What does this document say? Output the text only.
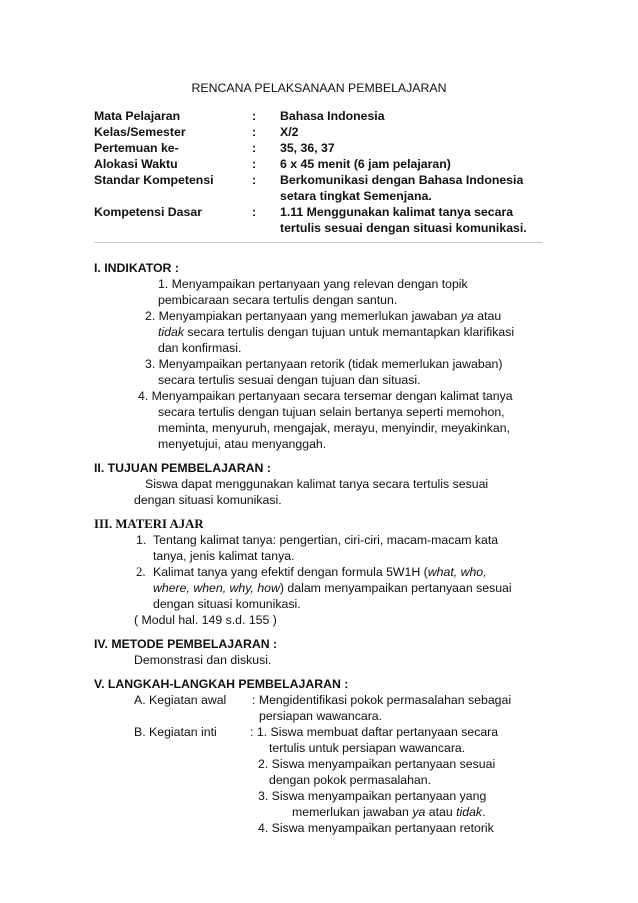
RENCANA PELAKSANAAN PEMBELAJARAN
Mata Pelajaran	: Bahasa Indonesia
Kelas/Semester	: X/2
Pertemuan ke-	: 35, 36, 37
Alokasi Waktu	: 6 x 45 menit (6 jam pelajaran)
Standar Kompetensi	: Berkomunikasi dengan Bahasa Indonesia
setara tingkat Semenjana.
Kompetensi Dasar	: 1.11 Menggunakan kalimat tanya secara
tertulis sesuai dengan situasi komunikasi.
I. INDIKATOR :
1. Menyampaikan pertanyaan yang relevan dengan topik
pembicaraan secara tertulis dengan santun.
2. Menyampiakan pertanyaan yang memerlukan jawaban ya atau
tidak secara tertulis dengan tujuan untuk memantapkan klarifikasi
dan konfirmasi.
3. Menyampaikan pertanyaan retorik (tidak memerlukan jawaban)
secara tertulis sesuai dengan tujuan dan situasi.
4. Menyampaikan pertanyaan secara tersemar dengan kalimat tanya
secara tertulis dengan tujuan selain bertanya seperti memohon,
meminta, menyuruh, mengajak, merayu, menyindir, meyakinkan,
menyetujui, atau menyanggah.
II. TUJUAN PEMBELAJARAN :
Siswa dapat menggunakan kalimat tanya secara tertulis sesuai
dengan situasi komunikasi.
III. MATERI AJAR
1. Tentang kalimat tanya: pengertian, ciri-ciri, macam-macam kata
tanya, jenis kalimat tanya.
2. Kalimat tanya yang efektif dengan formula 5W1H (what, who,
where, when, why, how) dalam menyampaikan pertanyaan sesuai
dengan situasi komunikasi.
( Modul hal. 149 s.d. 155 )
IV. METODE PEMBELAJARAN :
Demonstrasi dan diskusi.
V. LANGKAH-LANGKAH PEMBELAJARAN :
A. Kegiatan awal : Mengidentifikasi pokok permasalahan sebagai
persiapan wawancara.
B. Kegiatan inti	: 1. Siswa membuat daftar pertanyaan secara
tertulis untuk persiapan wawancara.
2. Siswa menyampaikan pertanyaan sesuai
dengan pokok permasalahan.
3. Siswa menyampaikan pertanyaan yang
memerlukan jawaban ya atau tidak.
4. Siswa menyampaikan pertanyaan retorik
